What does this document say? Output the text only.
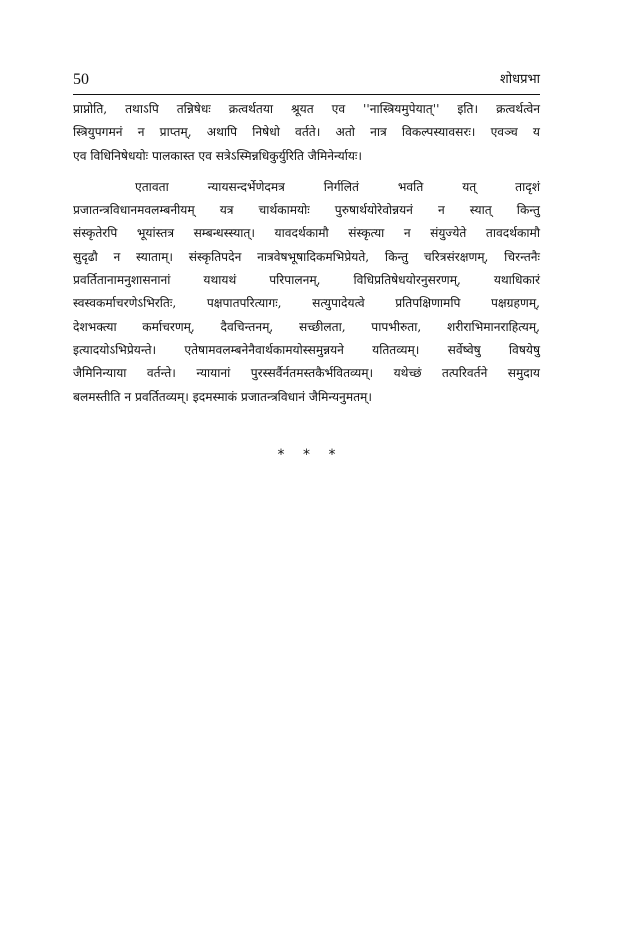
50	शोधप्रभा
प्राप्नोति, तथाऽपि तन्निषेधः क्रत्वर्थतया श्रूयत एव ''नास्त्रियमुपेयात्'' इति। क्रत्वर्थत्वेन
स्त्रियुपगमनं न प्राप्तम्, अथापि निषेधो वर्तते। अतो नात्र विकल्पस्यावसरः। एवञ्च य
एव विधिनिषेधयोः पालकास्त एव सत्रेऽस्मिन्नधिकुर्युरिति जैमिनेर्न्यायः।
एतावता न्यायसन्दर्भेणेदमत्र निर्गलितं भवति यत् तादृशं
प्रजातन्त्रविधानमवलम्बनीयम् यत्र चार्थकामयोः पुरुषार्थयोरेवोन्नयनं न स्यात् किन्तु
संस्कृतेरपि भूयांस्तत्र सम्बन्धस्स्यात्। यावदर्थकामौ संस्कृत्या न संयुज्येते तावदर्थकामौ
सुदृढौ न स्याताम्। संस्कृतिपदेन नात्रवेषभूषादिकमभिप्रेयते, किन्तु चरित्रसंरक्षणम्, चिरन्तनैः
प्रवर्तितानामनुशासनानां यथायथं परिपालनम्, विधिप्रतिषेधयोरनुसरणम्, यथाधिकारं
स्वस्वकर्माचरणेऽभिरतिः, पक्षपातपरित्यागः, सत्युपादेयत्वे प्रतिपक्षिणामपि पक्षग्रहणम्,
देशभक्त्या कर्माचरणम्, दैवचिन्तनम्, सच्छीलता, पापभीरुता, शरीराभिमानराहित्यम्,
इत्यादयोऽभिप्रेयन्ते। एतेषामवलम्बनेनैवार्थकामयोस्समुन्नयने यतितव्यम्। सर्वेष्वेषु विषयेषु
जैमिनिन्याया वर्तन्ते। न्यायानां पुरस्सर्वैर्नतमस्तकैर्भवितव्यम्। यथेच्छं तत्परिवर्तने समुदाय
बलमस्तीति न प्रवर्तितव्यम्। इदमस्माकं प्रजातन्त्रविधानं जैमिन्यनुमतम्।
* * *
